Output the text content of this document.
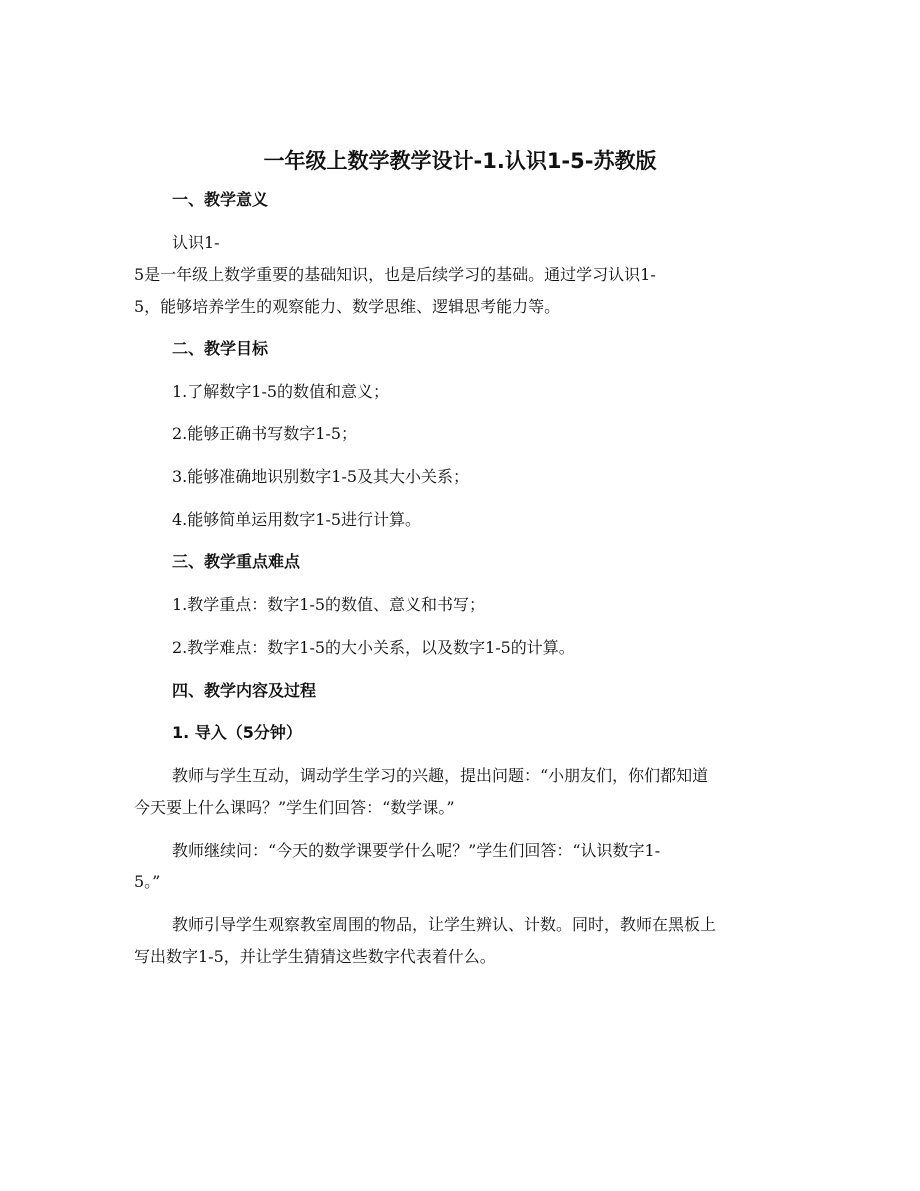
一年级上数学教学设计-1.认识1-5-苏教版
一、教学意义
认识1-
5是一年级上数学重要的基础知识，也是后续学习的基础。通过学习认识1-
5，能够培养学生的观察能力、数学思维、逻辑思考能力等。
二、教学目标
1.了解数字1-5的数值和意义；
2.能够正确书写数字1-5；
3.能够准确地识别数字1-5及其大小关系；
4.能够简单运用数字1-5进行计算。
三、教学重点难点
1.教学重点：数字1-5的数值、意义和书写；
2.教学难点：数字1-5的大小关系，以及数字1-5的计算。
四、教学内容及过程
1. 导入（5分钟）
教师与学生互动，调动学生学习的兴趣，提出问题：“小朋友们，你们都知道
今天要上什么课吗？”学生们回答：“数学课。”
教师继续问：“今天的数学课要学什么呢？”学生们回答：“认识数字1-
5。”
教师引导学生观察教室周围的物品，让学生辨认、计数。同时，教师在黑板上
写出数字1-5，并让学生猜猜这些数字代表着什么。
